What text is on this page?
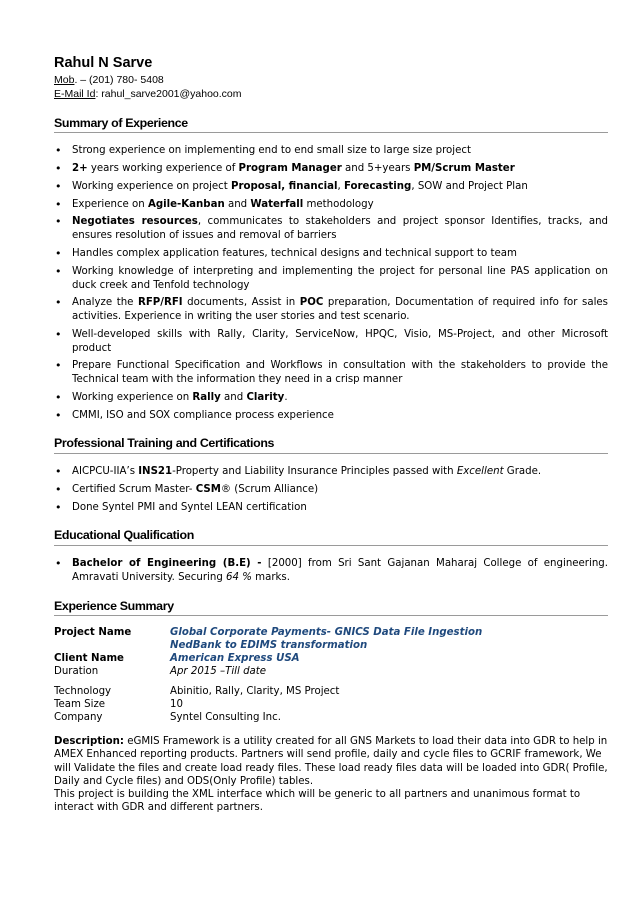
Rahul N Sarve
Mob. – (201) 780- 5408
E-Mail Id: rahul_sarve2001@yahoo.com
Summary of Experience
• Strong experience on implementing end to end small size to large size project
• 2+ years working experience of Program Manager and 5+years PM/Scrum Master
• Working experience on project Proposal, financial, Forecasting, SOW and Project Plan
• Experience on Agile-Kanban and Waterfall methodology
• Negotiates resources, communicates to stakeholders and project sponsor Identifies, tracks, and ensures resolution of issues and removal of barriers
• Handles complex application features, technical designs and technical support to team
• Working knowledge of interpreting and implementing the project for personal line PAS application on duck creek and Tenfold technology
• Analyze the RFP/RFI documents, Assist in POC preparation, Documentation of required info for sales activities. Experience in writing the user stories and test scenario.
• Well-developed skills with Rally, Clarity, ServiceNow, HPQC, Visio, MS-Project, and other Microsoft product
• Prepare Functional Specification and Workflows in consultation with the stakeholders to provide the Technical team with the information they need in a crisp manner
• Working experience on Rally and Clarity.
• CMMI, ISO and SOX compliance process experience
Professional Training and Certifications
• AICPCU-IIA’s INS21-Property and Liability Insurance Principles passed with Excellent Grade.
• Certified Scrum Master- CSM® (Scrum Alliance)
• Done Syntel PMI and Syntel LEAN certification
Educational Qualification
• Bachelor of Engineering (B.E) - [2000] from Sri Sant Gajanan Maharaj College of engineering. Amravati University. Securing 64 % marks.
Experience Summary
Project Name	Global Corporate Payments- GNICS Data File Ingestion
NedBank to EDIMS transformation
Client Name	American Express USA
Duration	Apr 2015 –Till date
Technology	Abinitio, Rally, Clarity, MS Project
Team Size	10
Company	Syntel Consulting Inc.
Description: eGMIS Framework is a utility created for all GNS Markets to load their data into GDR to help in AMEX Enhanced reporting products. Partners will send profile, daily and cycle files to GCRIF framework, We will Validate the files and create load ready files. These load ready files data will be loaded into GDR( Profile, Daily and Cycle files) and ODS(Only Profile) tables.
This project is building the XML interface which will be generic to all partners and unanimous format to interact with GDR and different partners.
